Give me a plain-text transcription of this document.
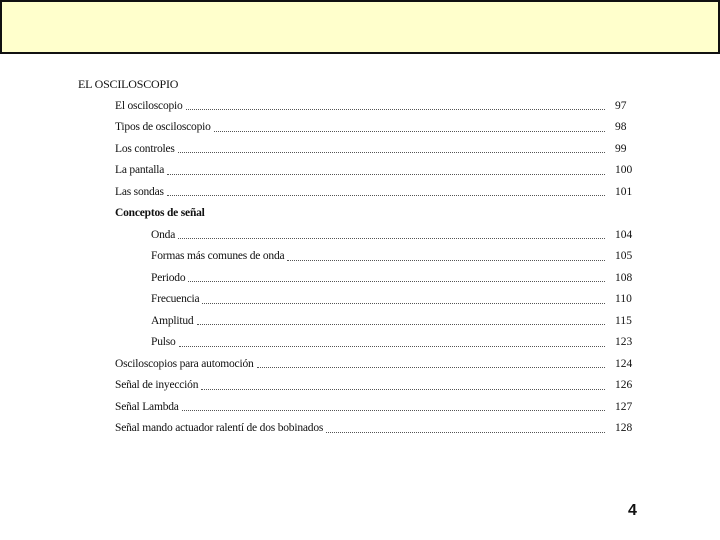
EL OSCILOSCOPIO
El osciloscopio	97
Tipos de osciloscopio	98
Los controles	99
La pantalla	100
Las sondas	101
Conceptos de señal
Onda	104
Formas más comunes de onda	105
Periodo	108
Frecuencia	110
Amplitud	115
Pulso	123
Osciloscopios para automoción	124
Señal de inyección	126
Señal Lambda	127
Señal mando actuador ralentí de dos bobinados	128
4
